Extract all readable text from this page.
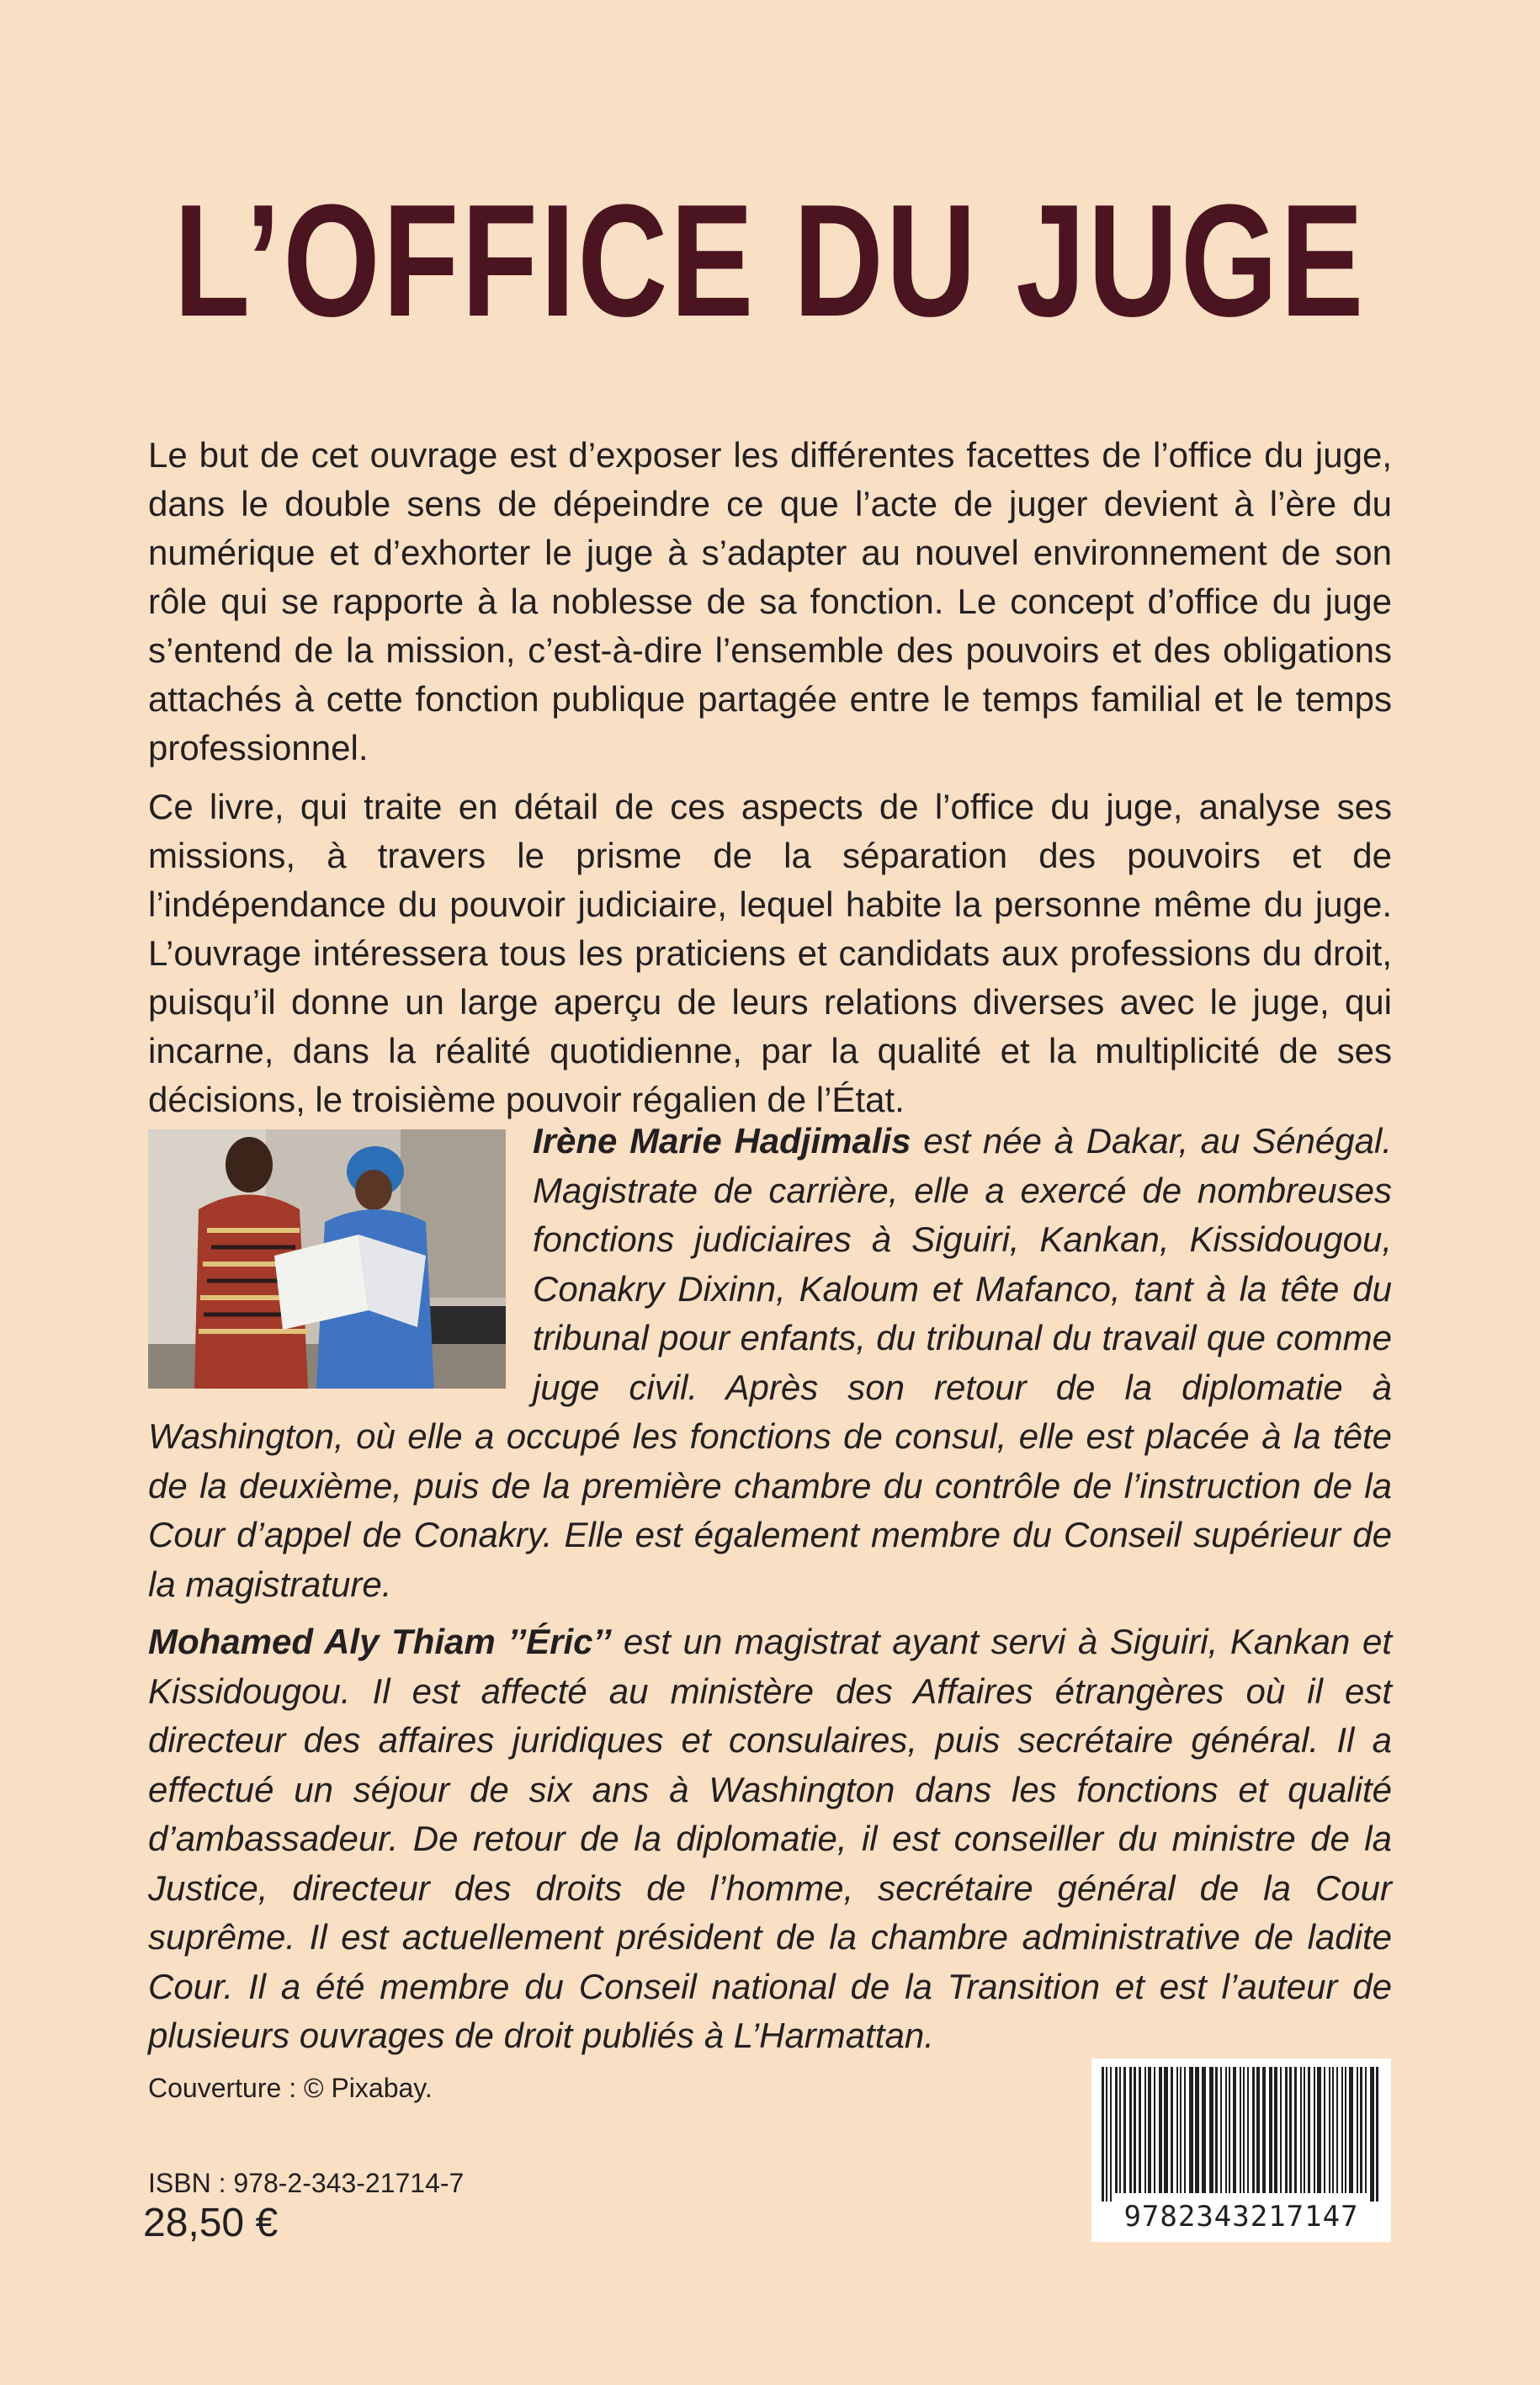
L’OFFICE DU JUGE
Le but de cet ouvrage est d’exposer les différentes facettes de l’office du juge, dans le double sens de dépeindre ce que l’acte de juger devient à l’ère du numérique et d’exhorter le juge à s’adapter au nouvel environnement de son rôle qui se rapporte à la noblesse de sa fonction. Le concept d’office du juge s’entend de la mission, c’est-à-dire l’ensemble des pouvoirs et des obligations attachés à cette fonction publique partagée entre le temps familial et le temps professionnel.
Ce livre, qui traite en détail de ces aspects de l’office du juge, analyse ses missions, à travers le prisme de la séparation des pouvoirs et de l’indépendance du pouvoir judiciaire, lequel habite la personne même du juge. L’ouvrage intéressera tous les praticiens et candidats aux professions du droit, puisqu’il donne un large aperçu de leurs relations diverses avec le juge, qui incarne, dans la réalité quotidienne, par la qualité et la multiplicité de ses décisions, le troisième pouvoir régalien de l’État.
Irène Marie Hadjimalis est née à Dakar, au Sénégal. Magistrate de carrière, elle a exercé de nombreuses fonctions judiciaires à Siguiri, Kankan, Kissidougou, Conakry Dixinn, Kaloum et Mafanco, tant à la tête du tribunal pour enfants, du tribunal du travail que comme juge civil. Après son retour de la diplomatie à Washington, où elle a occupé les fonctions de consul, elle est placée à la tête de la deuxième, puis de la première chambre du contrôle de l’instruction de la Cour d’appel de Conakry. Elle est également membre du Conseil supérieur de la magistrature.
Mohamed Aly Thiam ’’Éric’’ est un magistrat ayant servi à Siguiri, Kankan et Kissidougou. Il est affecté au ministère des Affaires étrangères où il est directeur des affaires juridiques et consulaires, puis secrétaire général. Il a effectué un séjour de six ans à Washington dans les fonctions et qualité d’ambassadeur. De retour de la diplomatie, il est conseiller du ministre de la Justice, directeur des droits de l’homme, secrétaire général de la Cour suprême. Il est actuellement président de la chambre administrative de ladite Cour. Il a été membre du Conseil national de la Transition et est l’auteur de plusieurs ouvrages de droit publiés à L’Harmattan.
Couverture : © Pixabay.
ISBN : 978-2-343-21714-7
28,50 €	9782343217147
